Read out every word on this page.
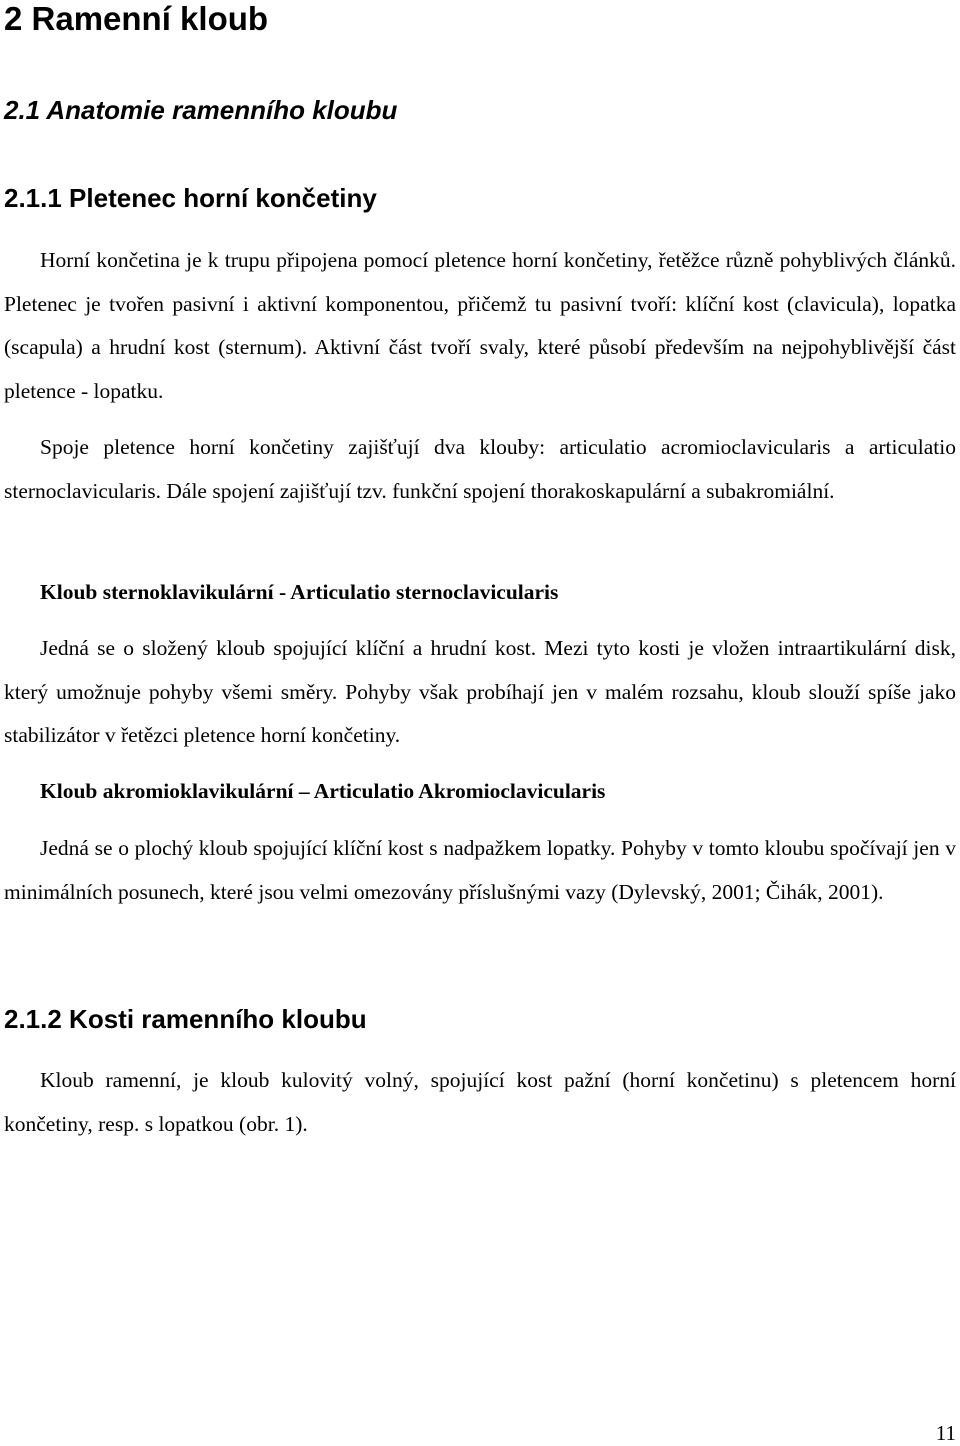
2 Ramenní kloub
2.1 Anatomie ramenního kloubu
2.1.1 Pletenec horní končetiny

Horní končetina je k trupu připojena pomocí pletence horní končetiny, řetěžce různě pohyblivých článků. Pletenec je tvořen pasivní i aktivní komponentou, přičemž tu pasivní tvoří: klíční kost (clavicula), lopatka (scapula) a hrudní kost (sternum). Aktivní část tvoří svaly, které působí především na nejpohyblivější část pletence - lopatku.

Spoje pletence horní končetiny zajišťují dva klouby: articulatio acromioclavicularis a articulatio sternoclavicularis. Dále spojení zajišťují tzv. funkční spojení thorakoskapulární a subakromiální.

Kloub sternoklavikulární - Articulatio sternoclavicularis

Jedná se o složený kloub spojující klíční a hrudní kost. Mezi tyto kosti je vložen intraartikulární disk, který umožnuje pohyby všemi směry. Pohyby však probíhají jen v malém rozsahu, kloub slouží spíše jako stabilizátor v řetězci pletence horní končetiny.

Kloub akromioklavikulární – Articulatio Akromioclavicularis

Jedná se o plochý kloub spojující klíční kost s nadpažkem lopatky. Pohyby v tomto kloubu spočívají jen v minimálních posunech, které jsou velmi omezovány příslušnými vazy (Dylevský, 2001; Čihák, 2001).

2.1.2 Kosti ramenního kloubu

Kloub ramenní, je kloub kulovitý volný, spojující kost pažní (horní končetinu) s pletencem horní končetiny, resp. s lopatkou (obr. 1).

11
